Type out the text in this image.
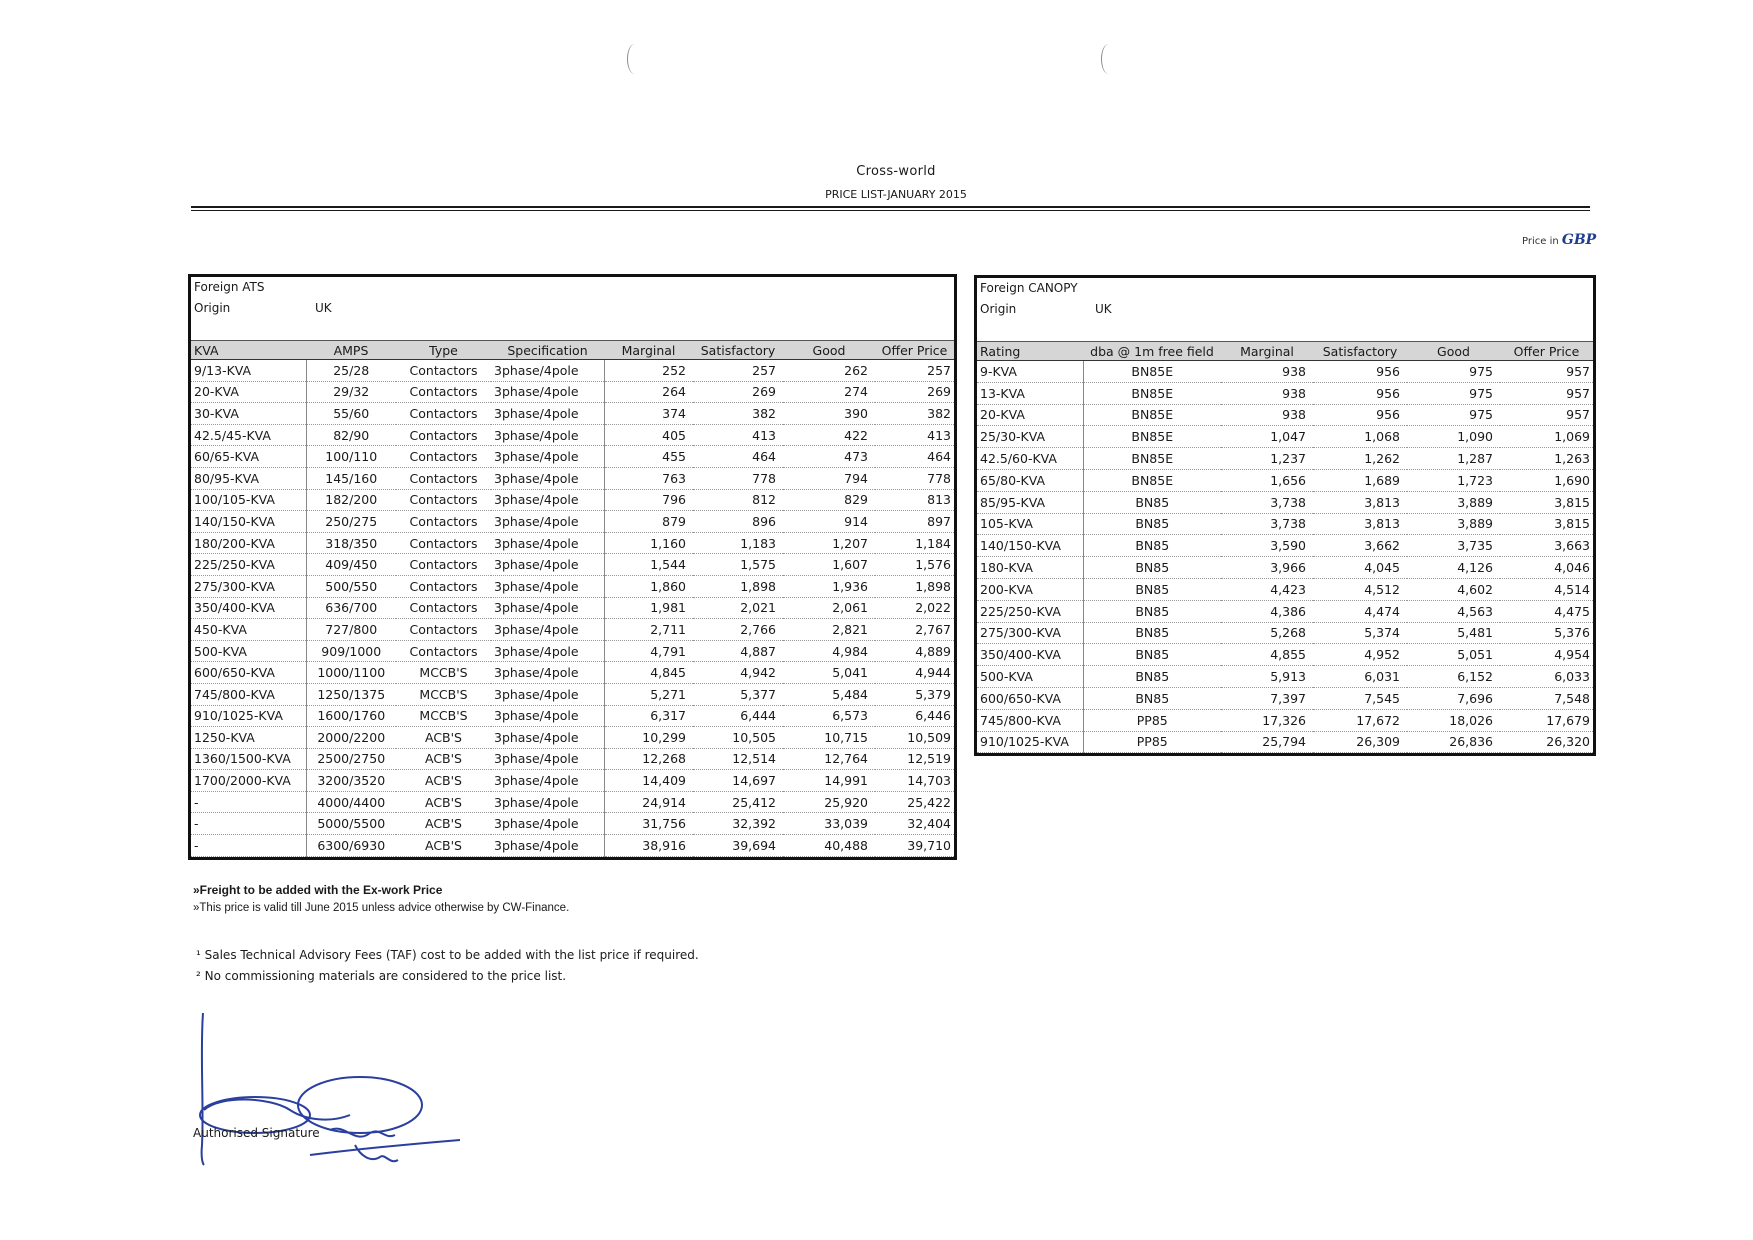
Cross-world
PRICE LIST-JANUARY 2015
Price in GBP
Foreign ATS
Origin	UK
KVA	AMPS	Type	Specification	Marginal	Satisfactory	Good	Offer Price
9/13-KVA	25/28	Contactors	3phase/4pole	252	257	262	257
20-KVA	29/32	Contactors	3phase/4pole	264	269	274	269
30-KVA	55/60	Contactors	3phase/4pole	374	382	390	382
42.5/45-KVA	82/90	Contactors	3phase/4pole	405	413	422	413
60/65-KVA	100/110	Contactors	3phase/4pole	455	464	473	464
80/95-KVA	145/160	Contactors	3phase/4pole	763	778	794	778
100/105-KVA	182/200	Contactors	3phase/4pole	796	812	829	813
140/150-KVA	250/275	Contactors	3phase/4pole	879	896	914	897
180/200-KVA	318/350	Contactors	3phase/4pole	1,160	1,183	1,207	1,184
225/250-KVA	409/450	Contactors	3phase/4pole	1,544	1,575	1,607	1,576
275/300-KVA	500/550	Contactors	3phase/4pole	1,860	1,898	1,936	1,898
350/400-KVA	636/700	Contactors	3phase/4pole	1,981	2,021	2,061	2,022
450-KVA	727/800	Contactors	3phase/4pole	2,711	2,766	2,821	2,767
500-KVA	909/1000	Contactors	3phase/4pole	4,791	4,887	4,984	4,889
600/650-KVA	1000/1100	MCCB'S	3phase/4pole	4,845	4,942	5,041	4,944
745/800-KVA	1250/1375	MCCB'S	3phase/4pole	5,271	5,377	5,484	5,379
910/1025-KVA	1600/1760	MCCB'S	3phase/4pole	6,317	6,444	6,573	6,446
1250-KVA	2000/2200	ACB'S	3phase/4pole	10,299	10,505	10,715	10,509
1360/1500-KVA	2500/2750	ACB'S	3phase/4pole	12,268	12,514	12,764	12,519
1700/2000-KVA	3200/3520	ACB'S	3phase/4pole	14,409	14,697	14,991	14,703
-	4000/4400	ACB'S	3phase/4pole	24,914	25,412	25,920	25,422
-	5000/5500	ACB'S	3phase/4pole	31,756	32,392	33,039	32,404
-	6300/6930	ACB'S	3phase/4pole	38,916	39,694	40,488	39,710
Foreign CANOPY
Origin	UK
Rating	dba @ 1m free field	Marginal	Satisfactory	Good	Offer Price
9-KVA	BN85E	938	956	975	957
13-KVA	BN85E	938	956	975	957
20-KVA	BN85E	938	956	975	957
25/30-KVA	BN85E	1,047	1,068	1,090	1,069
42.5/60-KVA	BN85E	1,237	1,262	1,287	1,263
65/80-KVA	BN85E	1,656	1,689	1,723	1,690
85/95-KVA	BN85	3,738	3,813	3,889	3,815
105-KVA	BN85	3,738	3,813	3,889	3,815
140/150-KVA	BN85	3,590	3,662	3,735	3,663
180-KVA	BN85	3,966	4,045	4,126	4,046
200-KVA	BN85	4,423	4,512	4,602	4,514
225/250-KVA	BN85	4,386	4,474	4,563	4,475
275/300-KVA	BN85	5,268	5,374	5,481	5,376
350/400-KVA	BN85	4,855	4,952	5,051	4,954
500-KVA	BN85	5,913	6,031	6,152	6,033
600/650-KVA	BN85	7,397	7,545	7,696	7,548
745/800-KVA	PP85	17,326	17,672	18,026	17,679
910/1025-KVA	PP85	25,794	26,309	26,836	26,320

»Freight to be added with the Ex-work Price

»This price is valid till June 2015 unless advice otherwise by CW-Finance.

¹ Sales Technical Advisory Fees (TAF) cost to be added with the list price if required.

² No commissioning materials are considered to the price list.

Authorised Signature
